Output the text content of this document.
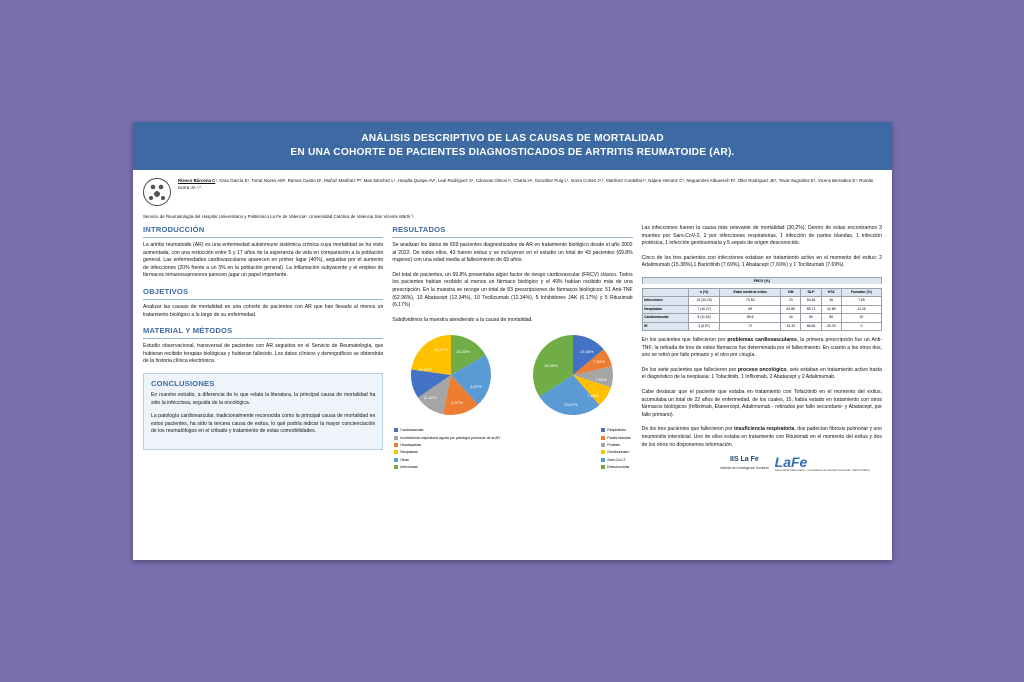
ANÁLISIS DESCRIPTIVO DE LAS CAUSAS DE MORTALIDAD
EN UNA COHORTE DE PACIENTES DIAGNOSTICADOS DE ARTRITIS REUMATOIDE (AR).
Riesco Bárcena C¹, Grau García E¹, Torrat Noves AM¹, Ramos Castro D¹, Muñoz Martínez P¹, Mas Sánchez L¹, Huaylla Quispe AV¹, Leal Rodríguez S¹, Cánovas Olmos I¹, Charia H¹, González Puig L¹, Ivorra Cortés J¹,², Martínez Cordellat I¹, Nájera Herranz C¹, Negueroles Albuerech R¹, Oller Rodríguez JE¹, Tovar-Sugrañes E¹, Vicens Bernabeu E¹, Román Ivorra JA ¹,².
Servicio de Reumatología del Hospital Universitario y Politécnico La Fe de Valencia¹, Universidad Católica de Valencia San Vicente Mártir ².
INTRODUCCIÓN

La artritis reumatoide (AR) es una enfermedad autoinmune sistémica crónica cuya mortalidad se ha visto aumentada, con una reducción entre 5 y 17 años de la esperanza de vida en comparación a la población general. Las enfermedades cardiovasculares aparecen en primer lugar (40%), seguidas por el aumento de infecciones (20% frente a un 5% en la población general). La inflamación subyacente y el empleo de fármacos inmunosupresores parecen jugar un papel importante.

OBJETIVOS

Analizar las causas de mortalidad en una cohorte de pacientes con AR que han llevado al menos un tratamiento biológico a lo largo de su enfermedad.

MATERIAL Y MÉTODOS

Estudio observacional, transversal de pacientes con AR seguidos en el Servicio de Reumatología, que hubieran recibido terapias biológicas y hubieran fallecido. Los datos clínicos y demográficos se obtendrán de la historia clínica electrónica.

CONCLUSIONES

En nuestro estudio, a diferencia de lo que relata la literatura, la principal causa de mortalidad ha sido la infecciosa, seguida de la oncológica.

La patología cardiovascular, tradicionalmente reconocida como la principal causa de mortalidad en estos pacientes, ha sido la tercera causa de exitus, lo qué podría indicar la mayor concienciación de los reumatólogos en el cribado y tratamiento de estas comorbilidades.

RESULTADOS

Se analizan los datos de 659 pacientes diagnosticados de AR en tratamiento biológico desde el año 2002 al 2022. De todos ellos, 43 fueron exitus y se incluyeron en el estudio un total de 43 pacientes (69.8% mujeres) con una edad media al fallecimiento de 69 años.

Del total de pacientes, un 69.8% presentaba algún factor de riesgo cardiovascular (FRCV) clásico. Todos los pacientes habían recibido al menos un fármaco biológico y el 49% habían recibido más de una prescripción. En la muestra se recoge un total de 83 prescripciones de fármacos biológicos: 51 Anti-TNF (62.96%), 10 Abatacept (12.34%), 10 Tocilizumab (12.34%), 5 Inhibidores JAK (6.17%) y 5 Rituximab (6.17%)

Subdividimos la muestra atendiendo a la causa de mortalidad.

30,23%
6,97%
6,97%
11,62%
27,94%
16,27%	15,38%
7,69%
7,69%
7,69%
23,07%
38,46%
Cardiovascular
Insuficiencia respiratoria aguda por patología pulmonar de la AR
Hepatopatías
Neoplasias
Otras
Infecciosas
Respiratorio
Partes blandas
Prótesis
Genitourinario
Sars-CoV-2
Desconocidas

Las infecciones fueron la causa más relevante de mortalidad (30,2%); Dentro de estas encontramos 3 muertes por Sars-CoV-2, 2 por infecciones respiratorias, 1 infección de partes blandas, 1 infección protésica, 1 infección genitourinaria y 5 sepsis de origen desconocido.

Cinco de los tres pacientes con infecciones estaban en tratamiento activo en el momento del exitus: 2 Adalimumab (15.38%),1 Baricitinib (7.69%), 1 Abatacept (7.69%) y 1 Tocilizumab (7.69%).

FRCV (%)
	n (%)	Edad media al exitus	DM	DLP	HTA	Fumador (%)
Infecciones	13 (30.23)	70.53	23	53.46	46	7.69
Neoplasias	7 (16.27)	69	62.85	85.71	42.85	14.25
Cardiovascular	5 (11.62)	80.6	40	80	80	20
IR	3 (6.97)	72	33.33	66.66	33.33	0

En los pacientes que fallecieron por problemas cardiovasculares, la primera prescripción fue un Anti-TNF; la retirada de tres de estos fármacos fue determinada por el fallecimiento. En cuanto a los otros dos, uno se retiró por fallo primario y el otro por cirugía.

De los siete pacientes que fallecieron por proceso oncológico, seis estaban en tratamiento activo hasta el diagnóstico de la neoplasia: 1 Tofacitinib, 1 Infliximab, 2 Abatacept y 2 Adalimumab.

Cabe destacar que el paciente que estaba en tratamiento con Tofacitinib en el momento del exitus, acumulaba un total de 22 años de enfermedad, de los cuales, 15, había estado en tratamiento con otros fármacos biológicos (Infliximab, Etanercept, Adalimumab - retirados por fallo secundario- y Abatacept, por fallo primario).

De los tres pacientes que fallecieron por insuficiencia respiratoria, dos padecían fibrosis pulmonar y uno neumonitis intersticial. Uno de ellos estaba en tratamiento con Rituximab en el momento del exitus y dos de los otros no disponemos información.

IIS La Fe
Instituto de Investigación Sanitaria LaFe
Generalitat Valenciana · Conselleria de Sanitat Universal i Salut Pública
